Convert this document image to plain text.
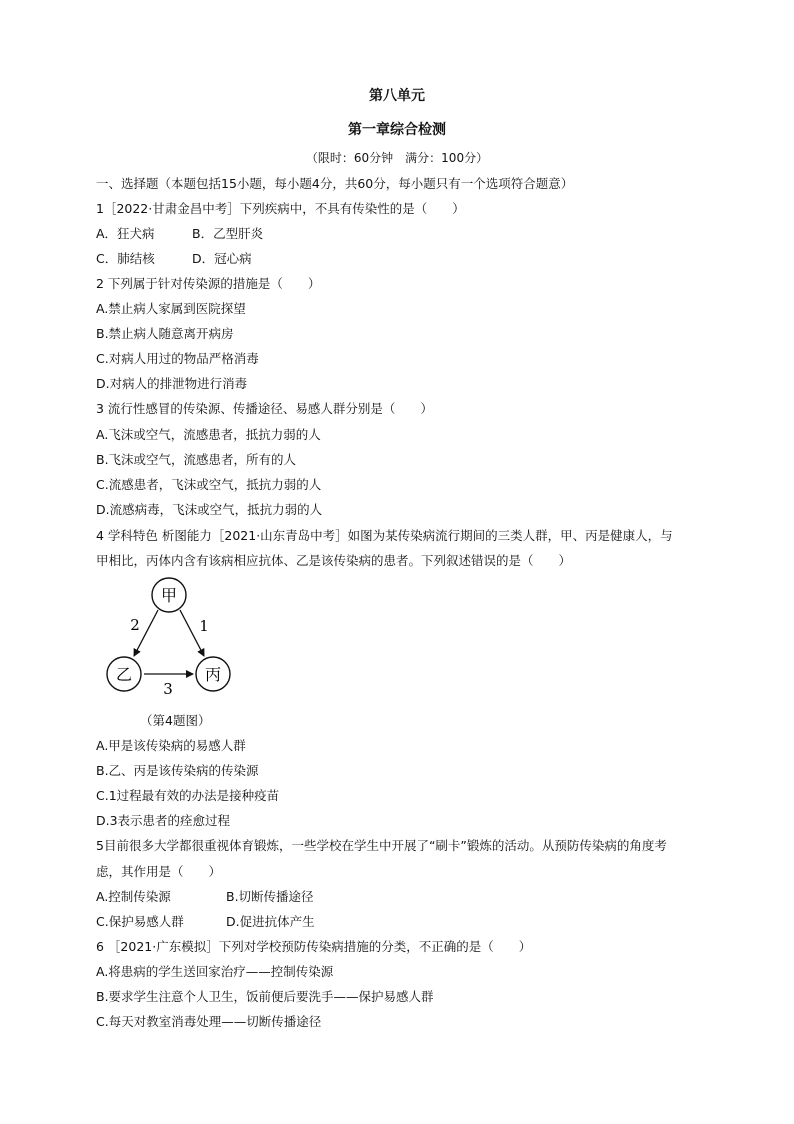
第八单元
第一章综合检测
（限时：60分钟　满分：100分）
一、选择题（本题包括15小题，每小题4分，共60分，每小题只有一个选项符合题意）
1［2022·甘肃金昌中考］下列疾病中，不具有传染性的是（　　）
A．狂犬病	B．乙型肝炎
C．肺结核	D．冠心病
2 下列属于针对传染源的措施是（　　）
A.禁止病人家属到医院探望
B.禁止病人随意离开病房
C.对病人用过的物品严格消毒
D.对病人的排泄物进行消毒
3 流行性感冒的传染源、传播途径、易感人群分别是（　　）
A.飞沫或空气，流感患者，抵抗力弱的人
B.飞沫或空气，流感患者，所有的人
C.流感患者，飞沫或空气，抵抗力弱的人
D.流感病毒，飞沫或空气，抵抗力弱的人
4 学科特色 析图能力［2021·山东青岛中考］如图为某传染病流行期间的三类人群，甲、丙是健康人，与
甲相比，丙体内含有该病相应抗体、乙是该传染病的患者。下列叙述错误的是（　　）
甲
乙	丙
2	1
3
（第4题图）
A.甲是该传染病的易感人群
B.乙、丙是该传染病的传染源
C.1过程最有效的办法是接种疫苗
D.3表示患者的痊愈过程
5目前很多大学都很重视体育锻炼，一些学校在学生中开展了“刷卡”锻炼的活动。从预防传染病的角度考
虑，其作用是（　　）
A.控制传染源	B.切断传播途径
C.保护易感人群	D.促进抗体产生
6 ［2021·广东模拟］下列对学校预防传染病措施的分类，不正确的是（　　）
A.将患病的学生送回家治疗——控制传染源
B.要求学生注意个人卫生，饭前便后要洗手——保护易感人群
C.每天对教室消毒处理——切断传播途径
